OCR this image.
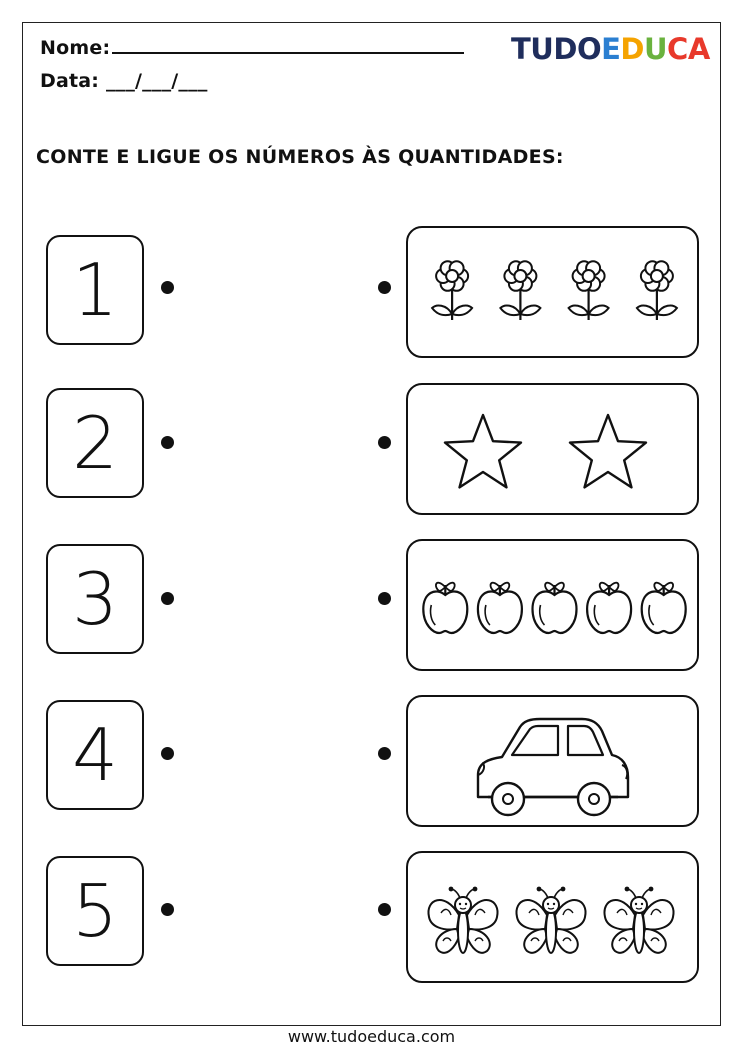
Nome:
Data: ___/___/___
TUDOEDUCA
CONTE E LIGUE OS NÚMEROS ÀS QUANTIDADES:
1
2
3
4
5
www.tudoeduca.com
